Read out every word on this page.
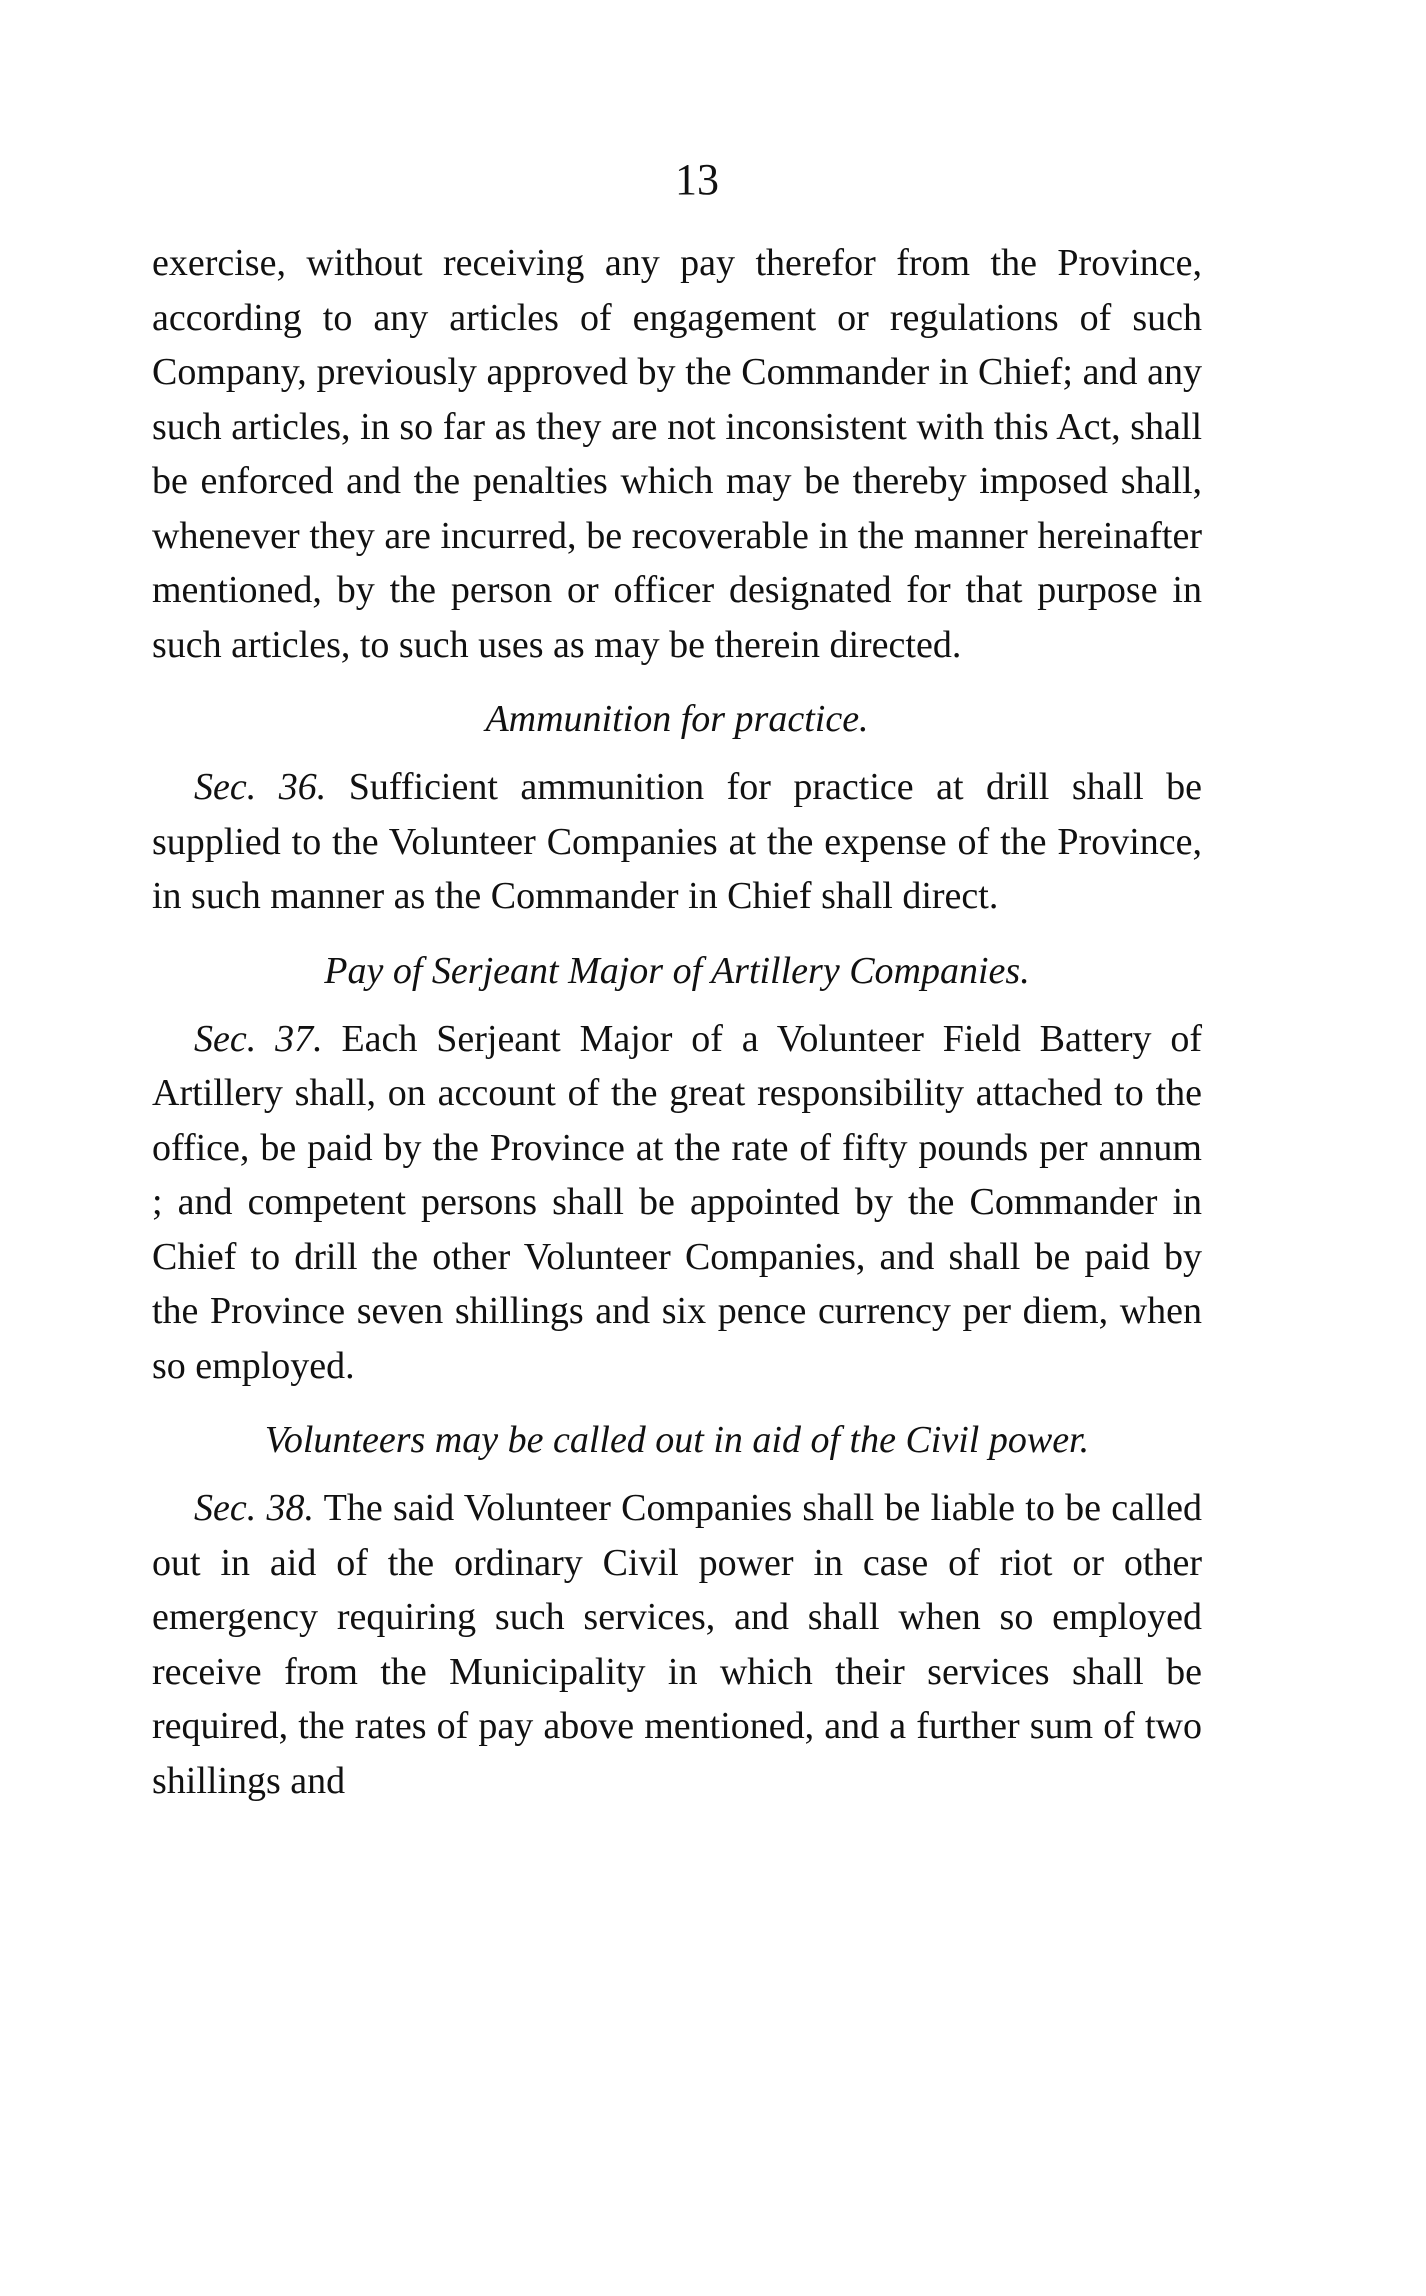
13

exercise, without receiving any pay therefor from the Province, according to any articles of engagement or regulations of such Company, previously approved by the Commander in Chief; and any such articles, in so far as they are not inconsistent with this Act, shall be enforced and the penalties which may be thereby imposed shall, whenever they are incurred, be recoverable in the manner hereinafter mentioned, by the person or officer designated for that purpose in such articles, to such uses as may be therein directed.

Ammunition for practice.

Sec. 36. Sufficient ammunition for practice at drill shall be supplied to the Volunteer Companies at the expense of the Province, in such manner as the Commander in Chief shall direct.

Pay of Serjeant Major of Artillery Companies.

Sec. 37. Each Serjeant Major of a Volunteer Field Battery of Artillery shall, on account of the great responsibility attached to the office, be paid by the Province at the rate of fifty pounds per annum ; and competent persons shall be appointed by the Commander in Chief to drill the other Volunteer Companies, and shall be paid by the Province seven shillings and six pence currency per diem, when so employed.

Volunteers may be called out in aid of the Civil power.

Sec. 38. The said Volunteer Companies shall be liable to be called out in aid of the ordinary Civil power in case of riot or other emergency requiring such services, and shall when so employed receive from the Municipality in which their services shall be required, the rates of pay above mentioned, and a further sum of two shillings and
